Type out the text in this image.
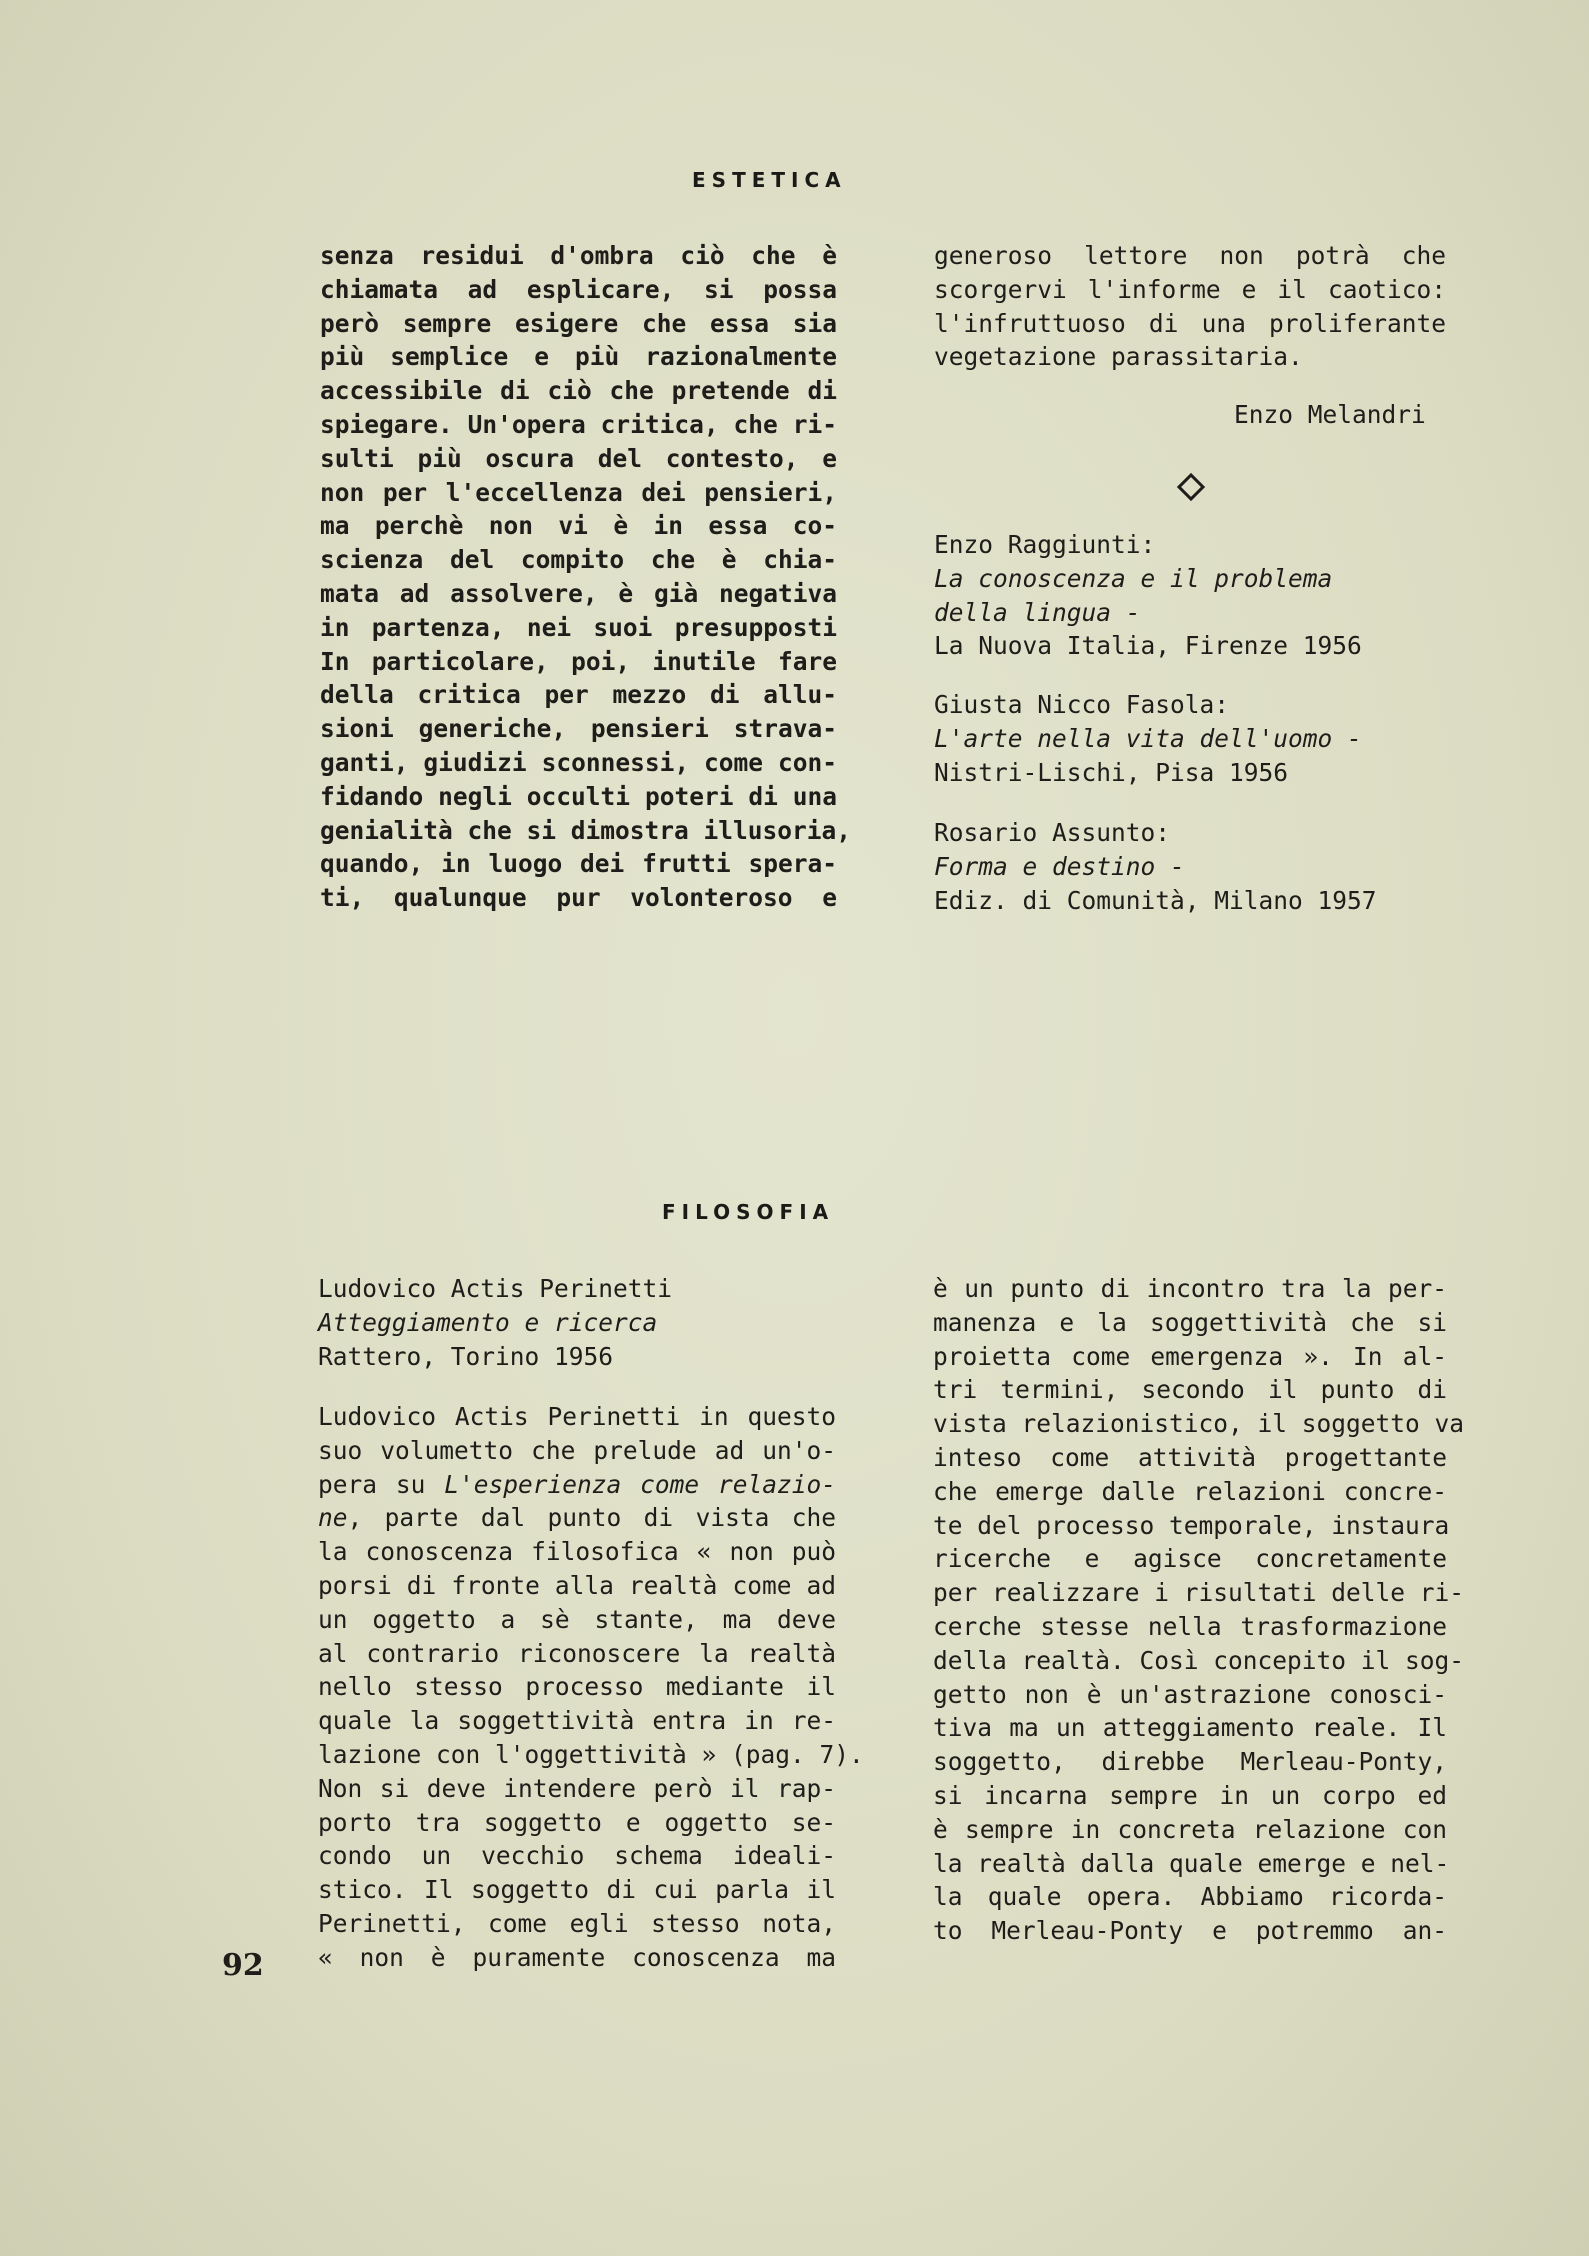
ESTETICA
senza residui d'ombra ciò che è
chiamata ad esplicare, si possa
però sempre esigere che essa sia
più semplice e più razionalmente
accessibile di ciò che pretende di
spiegare. Un'opera critica, che ri-
sulti più oscura del contesto, e
non per l'eccellenza dei pensieri,
ma perchè non vi è in essa co-
scienza del compito che è chia-
mata ad assolvere, è già negativa
in partenza, nei suoi presupposti
In particolare, poi, inutile fare
della critica per mezzo di allu-
sioni generiche, pensieri strava-
ganti, giudizi sconnessi, come con-
fidando negli occulti poteri di una
genialità che si dimostra illusoria,
quando, in luogo dei frutti spera-
ti, qualunque pur volonteroso e
generoso lettore non potrà che
scorgervi l'informe e il caotico:
l'infruttuoso di una proliferante
vegetazione parassitaria.
Enzo Melandri
Enzo Raggiunti:
La conoscenza e il problema
della lingua -
La Nuova Italia, Firenze 1956
Giusta Nicco Fasola:
L'arte nella vita dell'uomo -
Nistri-Lischi, Pisa 1956
Rosario Assunto:
Forma e destino -
Ediz. di Comunità, Milano 1957
FILOSOFIA
Ludovico Actis Perinetti
Atteggiamento e ricerca
Rattero, Torino 1956
Ludovico Actis Perinetti in questo
suo volumetto che prelude ad un'o-
pera su L'esperienza come relazio-
ne, parte dal punto di vista che
la conoscenza filosofica « non può
porsi di fronte alla realtà come ad
un oggetto a sè stante, ma deve
al contrario riconoscere la realtà
nello stesso processo mediante il
quale la soggettività entra in re-
lazione con l'oggettività » (pag. 7).
Non si deve intendere però il rap-
porto tra soggetto e oggetto se-
condo un vecchio schema ideali-
stico. Il soggetto di cui parla il
Perinetti, come egli stesso nota,
« non è puramente conoscenza ma
è un punto di incontro tra la per-
manenza e la soggettività che si
proietta come emergenza ». In al-
tri termini, secondo il punto di
vista relazionistico, il soggetto va
inteso come attività progettante
che emerge dalle relazioni concre-
te del processo temporale, instaura
ricerche e agisce concretamente
per realizzare i risultati delle ri-
cerche stesse nella trasformazione
della realtà. Così concepito il sog-
getto non è un'astrazione conosci-
tiva ma un atteggiamento reale. Il
soggetto, direbbe Merleau-Ponty,
si incarna sempre in un corpo ed
è sempre in concreta relazione con
la realtà dalla quale emerge e nel-
la quale opera. Abbiamo ricorda-
to Merleau-Ponty e potremmo an-
92
